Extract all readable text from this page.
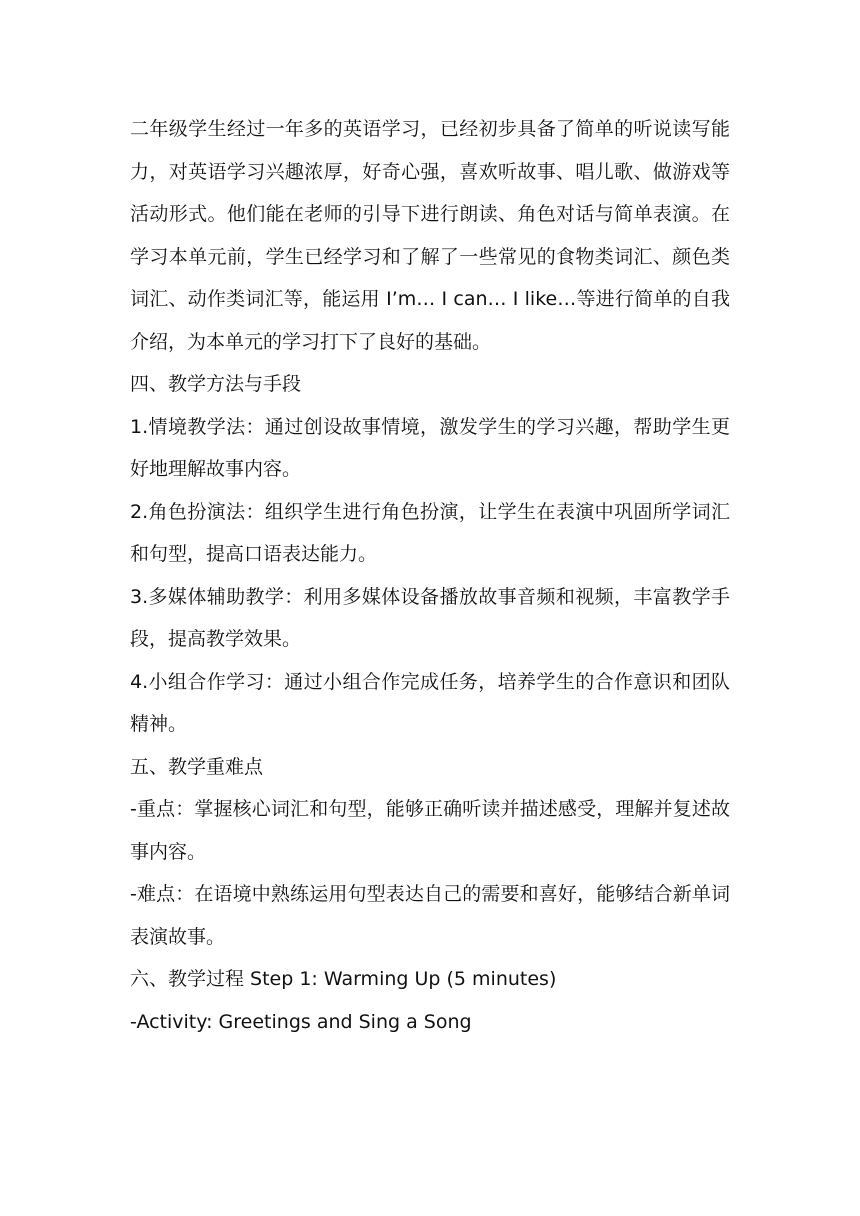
二年级学生经过一年多的英语学习，已经初步具备了简单的听说读写能力，对英语学习兴趣浓厚，好奇心强，喜欢听故事、唱儿歌、做游戏等活动形式。他们能在老师的引导下进行朗读、角色对话与简单表演。在学习本单元前，学生已经学习和了解了一些常见的食物类词汇、颜色类词汇、动作类词汇等，能运用 I’m… I can… I like…等进行简单的自我介绍，为本单元的学习打下了良好的基础。

四、教学方法与手段

1.情境教学法：通过创设故事情境，激发学生的学习兴趣，帮助学生更好地理解故事内容。

2.角色扮演法：组织学生进行角色扮演，让学生在表演中巩固所学词汇和句型，提高口语表达能力。

3.多媒体辅助教学：利用多媒体设备播放故事音频和视频，丰富教学手段，提高教学效果。

4.小组合作学习：通过小组合作完成任务，培养学生的合作意识和团队精神。

五、教学重难点

-重点：掌握核心词汇和句型，能够正确听读并描述感受，理解并复述故事内容。

-难点：在语境中熟练运用句型表达自己的需要和喜好，能够结合新单词表演故事。

六、教学过程 Step 1: Warming Up (5 minutes)

-Activity: Greetings and Sing a Song
